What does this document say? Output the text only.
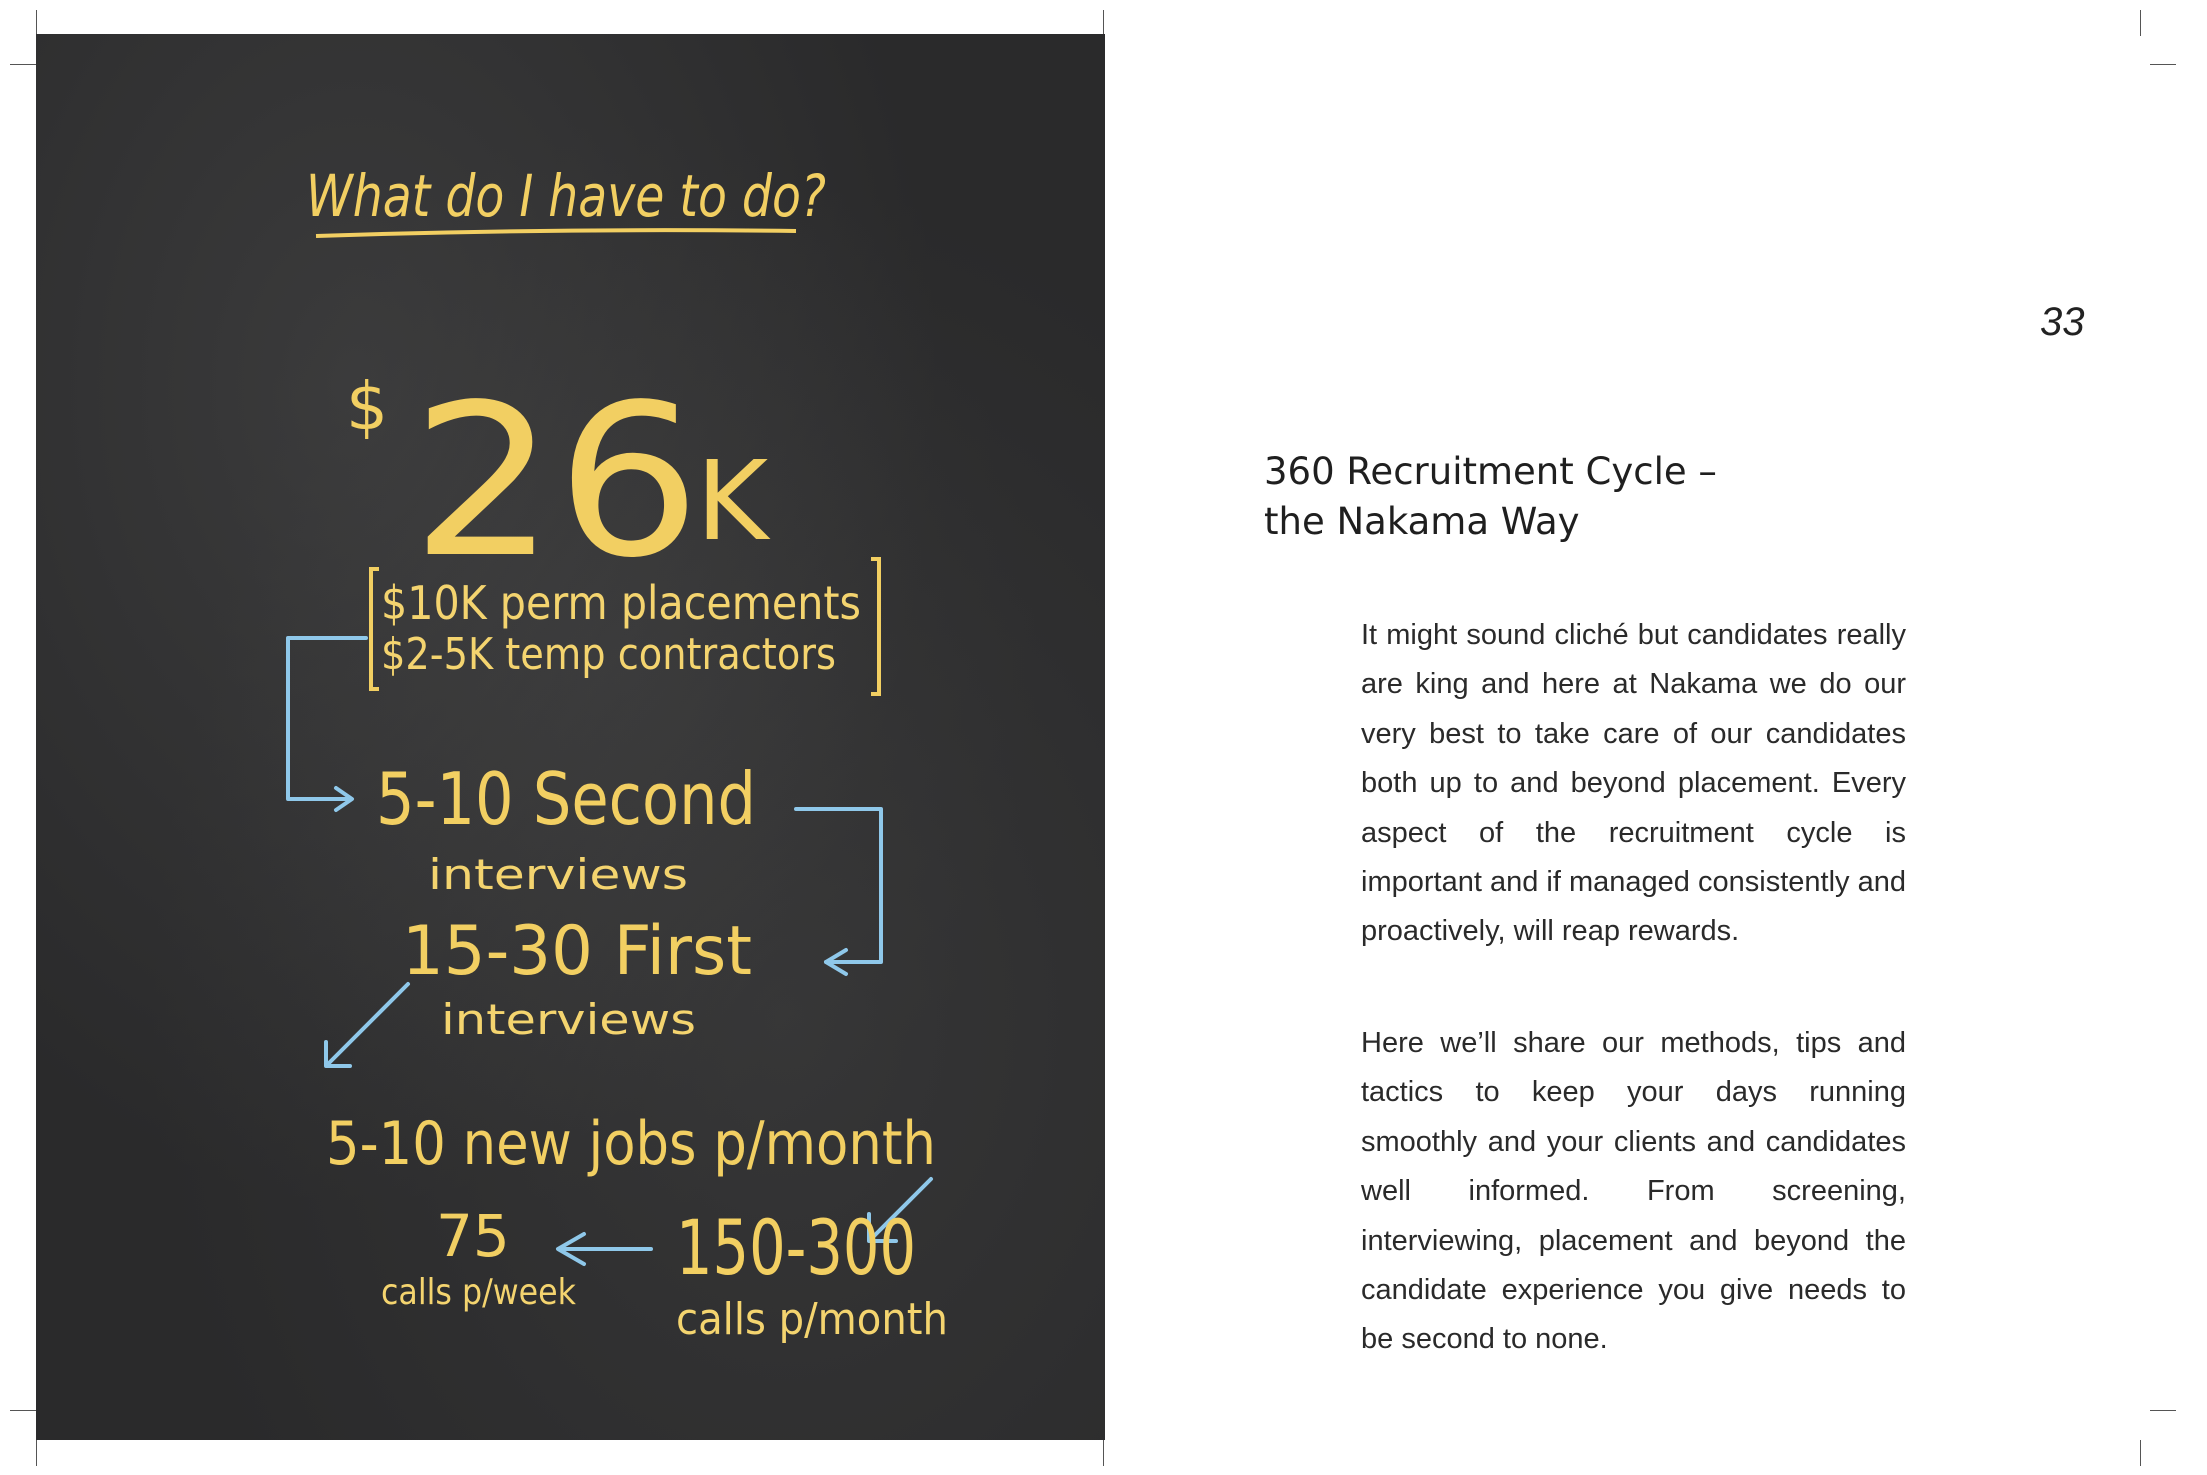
What do I have to do?
$ 26
K
$10K perm placements
$2-5K temp contractors
5-10 Second
interviews
15-30 First
interviews
5-10 new jobs p/month
75
calls p/week
150-300
calls p/month
33
360 Recruitment Cycle –
the Nakama Way

It might sound cliché but candidates really are king and here at Nakama we do our very best to take care of our candidates both up to and beyond placement. Every aspect of the recruitment cycle is important and if managed consistently and proactively, will reap rewards.

Here we’ll share our methods, tips and tactics to keep your days running smoothly and your clients and candidates well informed. From screening, interviewing, placement and beyond the candidate experience you give needs to be second to none.
